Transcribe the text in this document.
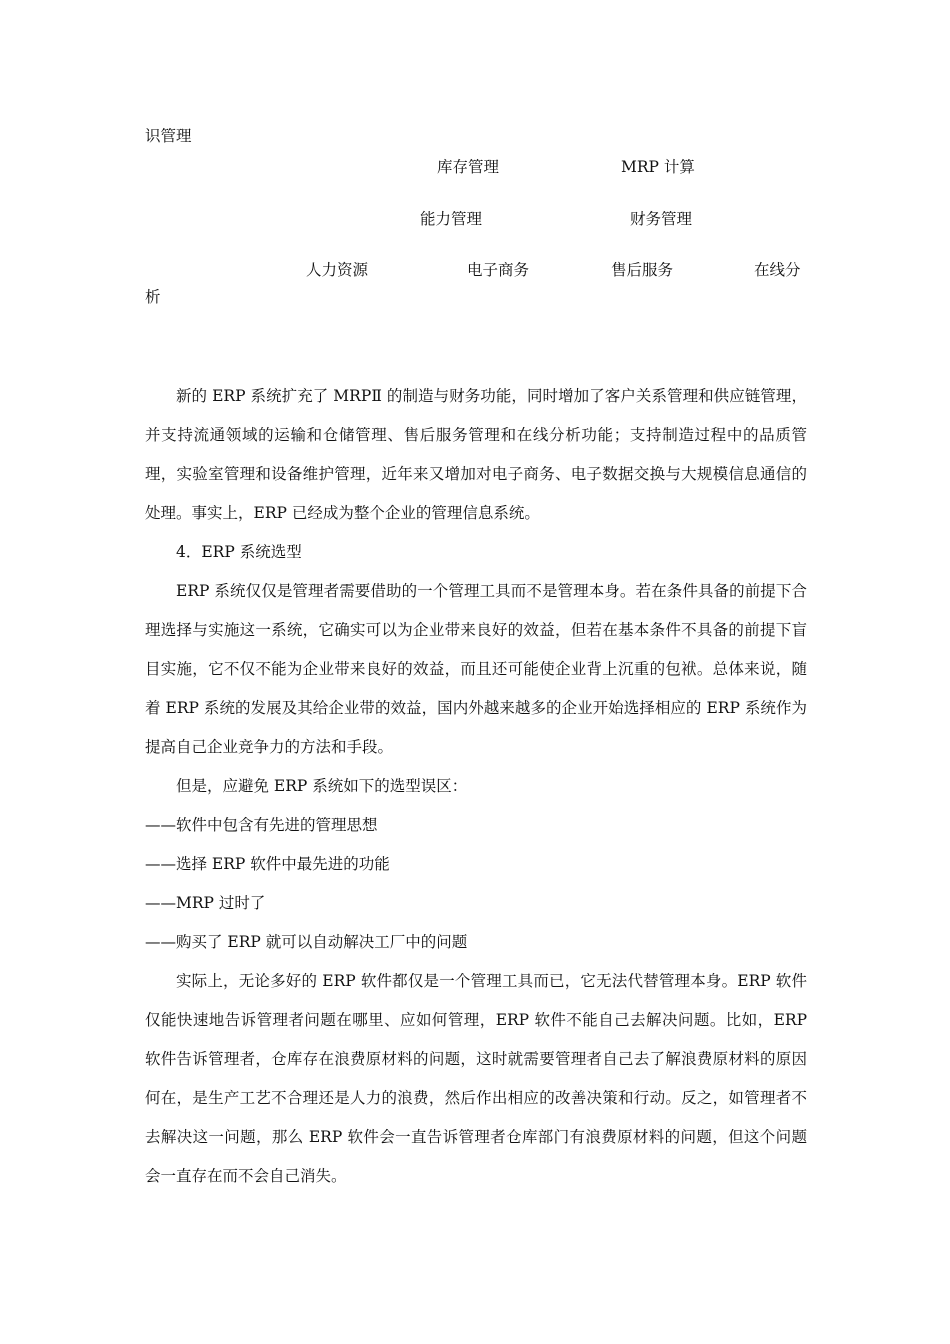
识管理
库存管理	MRP 计算
能力管理	财务管理
人力资源	电子商务	售后服务	在线分
析

新的 ERP 系统扩充了 MRPⅡ 的制造与财务功能，同时增加了客户关系管理和供应链管理，并支持流通领域的运输和仓储管理、售后服务管理和在线分析功能；支持制造过程中的品质管理，实验室管理和设备维护管理，近年来又增加对电子商务、电子数据交换与大规模信息通信的处理。事实上，ERP 已经成为整个企业的管理信息系统。

4．ERP 系统选型

ERP 系统仅仅是管理者需要借助的一个管理工具而不是管理本身。若在条件具备的前提下合理选择与实施这一系统，它确实可以为企业带来良好的效益，但若在基本条件不具备的前提下盲目实施，它不仅不能为企业带来良好的效益，而且还可能使企业背上沉重的包袱。总体来说，随着 ERP 系统的发展及其给企业带的效益，国内外越来越多的企业开始选择相应的 ERP 系统作为提高自己企业竞争力的方法和手段。

但是，应避免 ERP 系统如下的选型误区：

——软件中包含有先进的管理思想

——选择 ERP 软件中最先进的功能

——MRP 过时了

——购买了 ERP 就可以自动解决工厂中的问题

实际上，无论多好的 ERP 软件都仅是一个管理工具而已，它无法代替管理本身。ERP 软件仅能快速地告诉管理者问题在哪里、应如何管理，ERP 软件不能自己去解决问题。比如，ERP 软件告诉管理者，仓库存在浪费原材料的问题，这时就需要管理者自己去了解浪费原材料的原因何在，是生产工艺不合理还是人力的浪费，然后作出相应的改善决策和行动。反之，如管理者不去解决这一问题，那么 ERP 软件会一直告诉管理者仓库部门有浪费原材料的问题，但这个问题会一直存在而不会自己消失。
